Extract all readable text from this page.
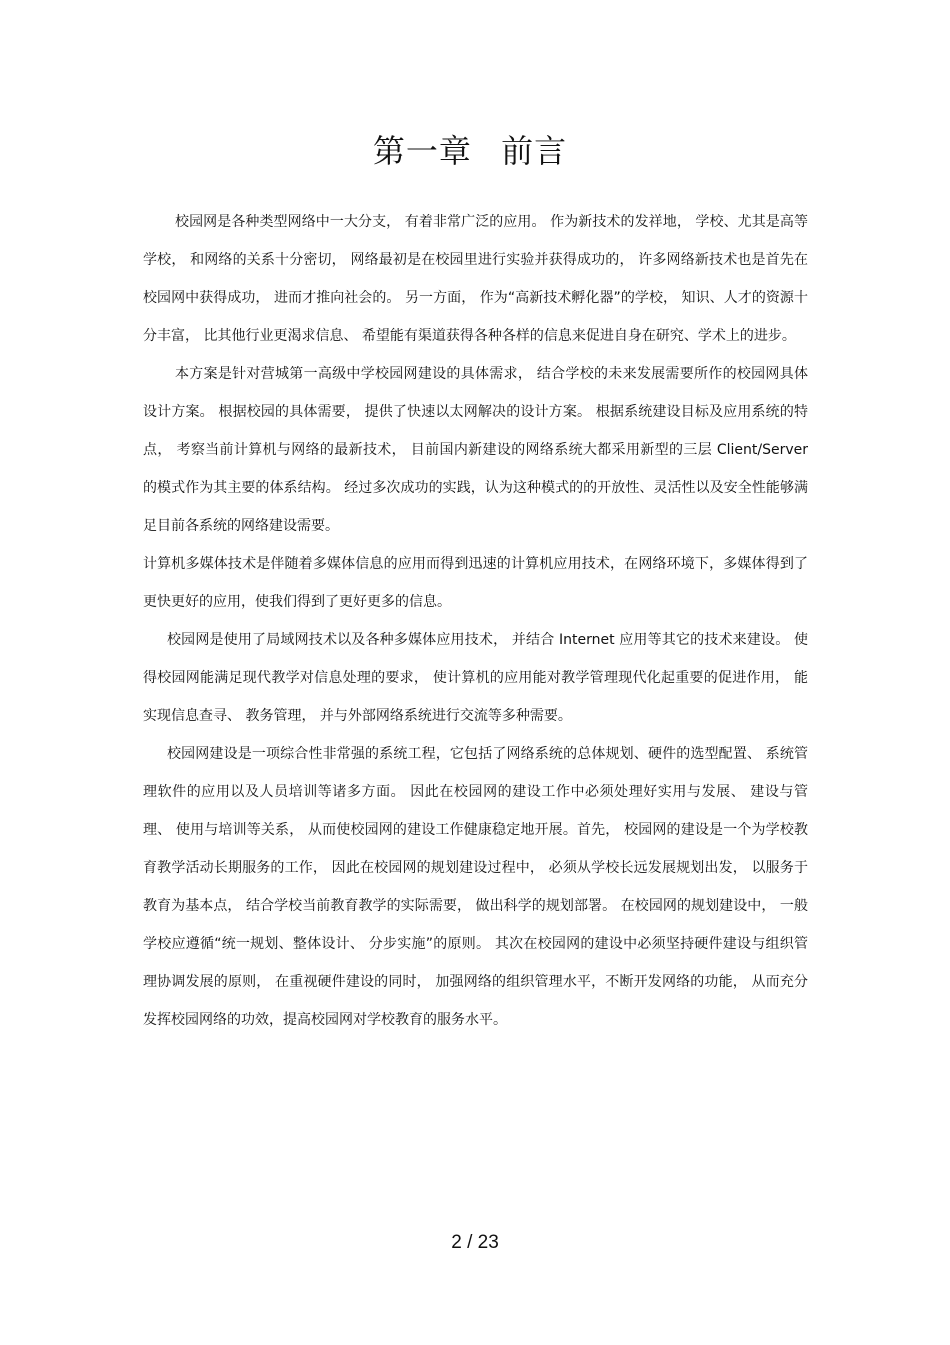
第一章 前言

校园网是各种类型网络中一大分支， 有着非常广泛的应用。 作为新技术的发祥地， 学校、尤其是高等学校， 和网络的关系十分密切， 网络最初是在校园里进行实验并获得成功的， 许多网络新技术也是首先在校园网中获得成功， 进而才推向社会的。 另一方面， 作为“高新技术孵化器”的学校， 知识、人才的资源十分丰富， 比其他行业更渴求信息、 希望能有渠道获得各种各样的信息来促进自身在研究、学术上的进步。

本方案是针对营城第一高级中学校园网建设的具体需求， 结合学校的未来发展需要所作的校园网具体设计方案。 根据校园的具体需要， 提供了快速以太网解决的设计方案。 根据系统建设目标及应用系统的特点， 考察当前计算机与网络的最新技术， 目前国内新建设的网络系统大都采用新型的三层 Client/Server 的模式作为其主要的体系结构。 经过多次成功的实践，认为这种模式的的开放性、灵活性以及安全性能够满足目前各系统的网络建设需要。

计算机多媒体技术是伴随着多媒体信息的应用而得到迅速的计算机应用技术，在网络环境下，多媒体得到了更快更好的应用，使我们得到了更好更多的信息。

校园网是使用了局域网技术以及各种多媒体应用技术， 并结合 Internet 应用等其它的技术来建设。 使得校园网能满足现代教学对信息处理的要求， 使计算机的应用能对教学管理现代化起重要的促进作用， 能实现信息查寻、 教务管理， 并与外部网络系统进行交流等多种需要。

校园网建设是一项综合性非常强的系统工程，它包括了网络系统的总体规划、硬件的选型配置、 系统管理软件的应用以及人员培训等诸多方面。 因此在校园网的建设工作中必须处理好实用与发展、 建设与管理、 使用与培训等关系， 从而使校园网的建设工作健康稳定地开展。首先， 校园网的建设是一个为学校教育教学活动长期服务的工作， 因此在校园网的规划建设过程中， 必须从学校长远发展规划出发， 以服务于教育为基本点， 结合学校当前教育教学的实际需要， 做出科学的规划部署。 在校园网的规划建设中， 一般学校应遵循“统一规划、整体设计、 分步实施”的原则。 其次在校园网的建设中必须坚持硬件建设与组织管理协调发展的原则， 在重视硬件建设的同时， 加强网络的组织管理水平，不断开发网络的功能， 从而充分发挥校园网络的功效，提高校园网对学校教育的服务水平。

2 / 23
